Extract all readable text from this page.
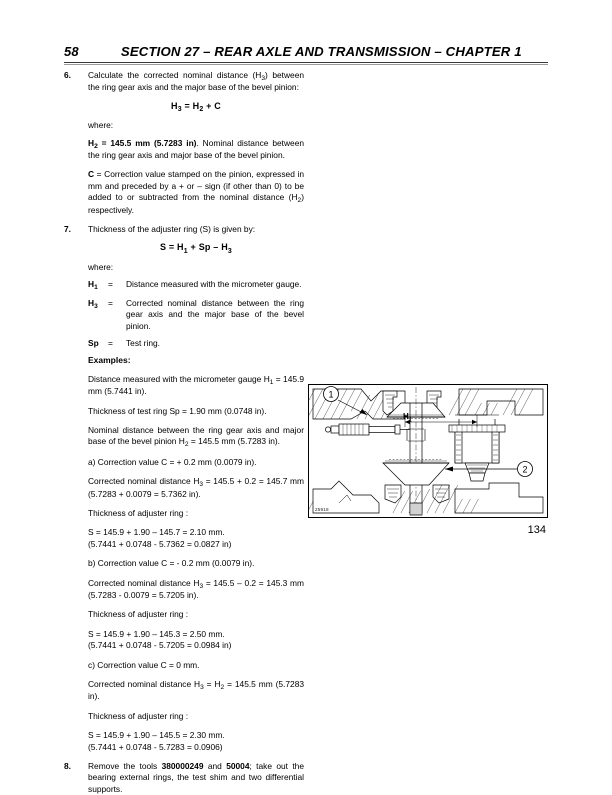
58	SECTION 27 – REAR AXLE AND TRANSMISSION – CHAPTER 1
6.	Calculate the corrected nominal distance $(H_3)$ between the ring gear axis and the major base of the bevel pinion:
$H_3 = H_2 + C$
where:
$H_2 = 145.5$ mm (5.7283 in). Nominal distance between the ring gear axis and major base of the bevel pinion.
C = Correction value stamped on the pinion, expressed in mm and preceded by a + or – sign (if other than 0) to be added to or subtracted from the nominal distance $(H_2)$ respectively.
7.	Thickness of the adjuster ring (S) is given by:
$S = H_1 + Sp - H_3$
where:
$H_1$	=	Distance measured with the micrometer gauge.
$H_3$	=	Corrected nominal distance between the ring gear axis and the major base of the bevel pinion.
Sp	=	Test ring.
Examples:
Distance measured with the micrometer gauge $H_1 = 145.9$ mm (5.7441 in).
Thickness of test ring Sp = 1.90 mm (0.0748 in).
Nominal distance between the ring gear axis and major base of the bevel pinion $H_2 = 145.5$ mm (5.7283 in).
a) Correction value C = + 0.2 mm (0.0079 in).
Corrected nominal distance $H_3 = 145.5 + 0.2 = 145.7$ mm (5.7283 + 0.0079 = 5.7362 in).
Thickness of adjuster ring :
S = 145.9 + 1.90 – 145.7 = 2.10 mm.
(5.7441 + 0.0748 - 5.7362 = 0.0827 in)
b) Correction value C = - 0.2 mm (0.0079 in).
Corrected nominal distance $H_3 = 145.5 - 0.2 = 145.3$ mm (5.7283 - 0.0079 = 5.7205 in).
Thickness of adjuster ring :
S = 145.9 + 1.90 – 145.3 = 2.50 mm.
(5.7441 + 0.0748 - 5.7205 = 0.0984 in)
c) Correction value C = 0 mm.
Corrected nominal distance $H_3 = H_2 = 145.5$ mm (5.7283 in).
Thickness of adjuster ring :
S = 145.9 + 1.90 – 145.5 = 2.30 mm.
(5.7441 + 0.0748 - 5.7283 = 0.0906)
8.	Remove the tools 380000249 and 50004; take out the bearing external rings, the test shim and two differential supports.
H 1
1
2
25918
134
